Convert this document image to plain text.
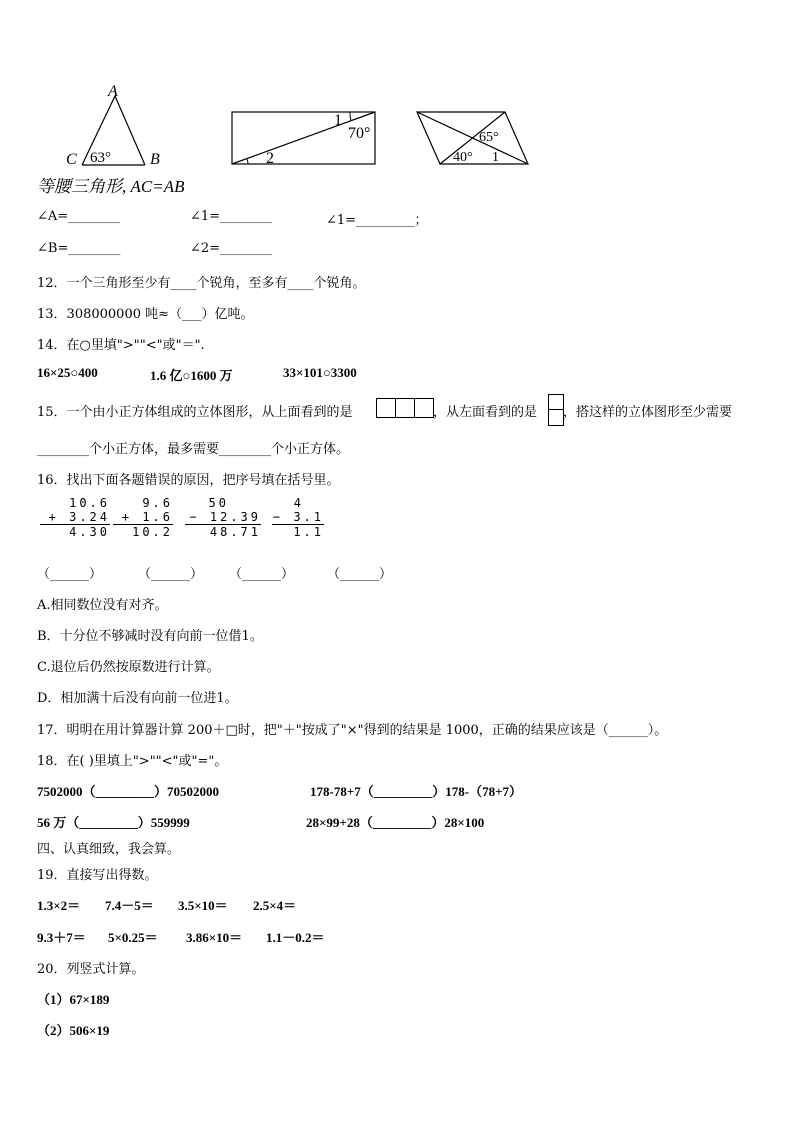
A
C	B
63°
1
2
70°	65°
40° 1
等腰三角形, AC=AB
∠A=________	∠1=________	∠1=_________；
∠B=________	∠2=________
12．一个三角形至少有____个锐角，至多有____个锐角。
13．308000000 吨≈（___）亿吨。
14．在○里填">""<"或"＝".
16×25○400	1.6 亿○1600 万	33×101○3300
15．一个由小正方体组成的立体图形，从上面看到的是	，从左面看到的是 ，搭这样的立体图形至少需要
________个小正方体，最多需要________个小正方体。
16．找出下面各题错误的原因，把序号填在括号里。
10.6
+ 3.24
4.30
9.6
+ 1.6
10.2
50
− 12.39
48.71
4
− 3.1
1.1
（______）	（______） （______）	（______）
A.相同数位没有对齐。
B．十分位不够减时没有向前一位借1。
C.退位后仍然按原数进行计算。
D．相加满十后没有向前一位进1。
17．明明在用计算器计算 200＋□时，把"＋"按成了"×"得到的结果是 1000，正确的结果应该是（______）。
18．在( )里填上">""<"或"="。
7502000（_________）70502000	178-78+7（_________）178-（78+7）
56 万（_________）559999	28×99+28（_________）28×100
四、认真细致，我会算。
19．直接写出得数。
1.3×2＝ 7.4－5＝ 3.5×10＝ 2.5×4＝
9.3＋7＝ 5×0.25＝ 3.86×10＝ 1.1－0.2＝
20．列竖式计算。
（1）67×189
（2）506×19
